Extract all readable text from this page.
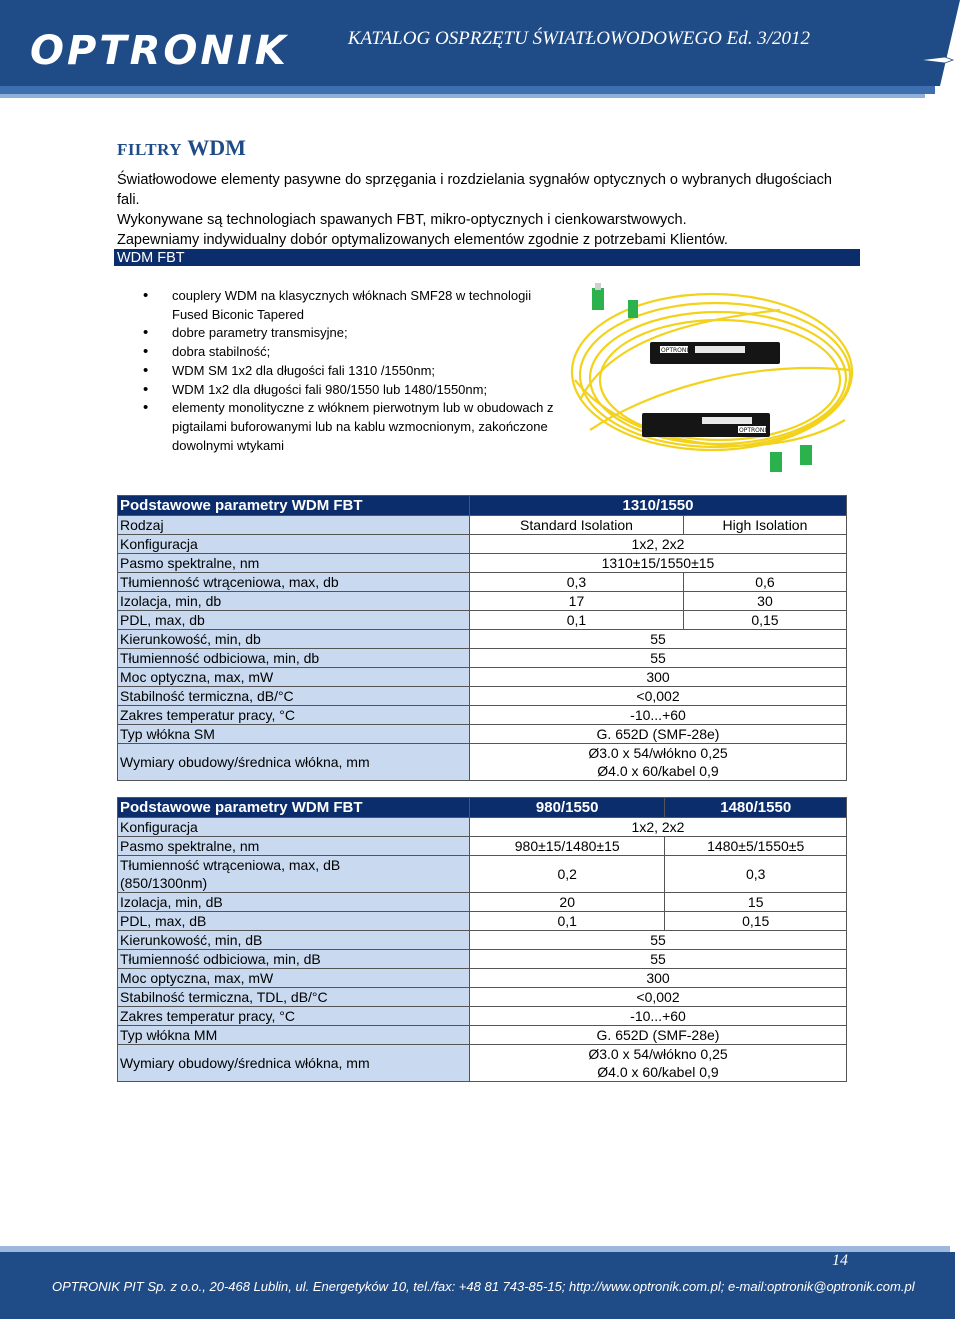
OPTRONIK	KATALOG OSPRZĘTU ŚWIATŁOWODOWEGO Ed. 3/2012
FILTRY WDM

Światłowodowe elementy pasywne do sprzęgania i rozdzielania sygnałów optycznych o wybranych długościach fali.

Wykonywane są technologiach spawanych FBT, mikro-optycznych i cienkowarstwowych.

Zapewniamy indywidualny dobór optymalizowanych elementów zgodnie z potrzebami Klientów.

WDM FBT
• couplery WDM na klasycznych włóknach SMF28 w technologii Fused Biconic Tapered
• dobre parametry transmisyjne;
• dobra stabilność;
• WDM SM 1x2 dla długości fali 1310 /1550nm;
• WDM 1x2 dla długości fali 980/1550 lub 1480/1550nm;
• elementy monolityczne z włóknem pierwotnym lub w obudowach z pigtailami buforowanymi lub na kablu wzmocnionym, zakończone dowolnymi wtykami
OPTRONIK
OPTRONIK
Podstawowe parametry WDM FBT	1310/1550	
Rodzaj	Standard Isolation	High Isolation
Konfiguracja	1x2, 2x2	
Pasmo spektralne, nm	1310±15/1550±15	
Tłumienność wtrąceniowa, max, db	0,3	0,6
Izolacja, min, db	17	30
PDL, max, db	0,1	0,15
Kierunkowość, min, db	55	
Tłumienność odbiciowa, min, db	55	
Moc optyczna, max, mW	300	
Stabilność termiczna, dB/°C	<0,002	
Zakres temperatur pracy, °C	-10...+60	
Typ włókna SM	G. 652D (SMF-28e)	
Wymiary obudowy/średnica włókna, mm	Ø3.0 x 54/włókno 0,25
Ø4.0 x 60/kabel 0,9	
Podstawowe parametry WDM FBT	980/1550	1480/1550
Konfiguracja	1x2, 2x2	
Pasmo spektralne, nm	980±15/1480±15	1480±5/1550±5

Tłumienność wtrąceniowa, max, dB
(850/1300nm)	0,2	0,3
Izolacja, min, dB	20	15
PDL, max, dB	0,1	0,15
Kierunkowość, min, dB	55	
Tłumienność odbiciowa, min, dB	55	
Moc optyczna, max, mW	300	
Stabilność termiczna, TDL, dB/°C	<0,002	
Zakres temperatur pracy, °C	-10...+60	
Typ włókna MM	G. 652D (SMF-28e)	
Wymiary obudowy/średnica włókna, mm	Ø3.0 x 54/włókno 0,25
Ø4.0 x 60/kabel 0,9	
14
OPTRONIK PIT Sp. z o.o., 20-468 Lublin, ul. Energetyków 10, tel./fax: +48 81 743-85-15; http://www.optronik.com.pl; e-mail:optronik@optronik.com.pl
